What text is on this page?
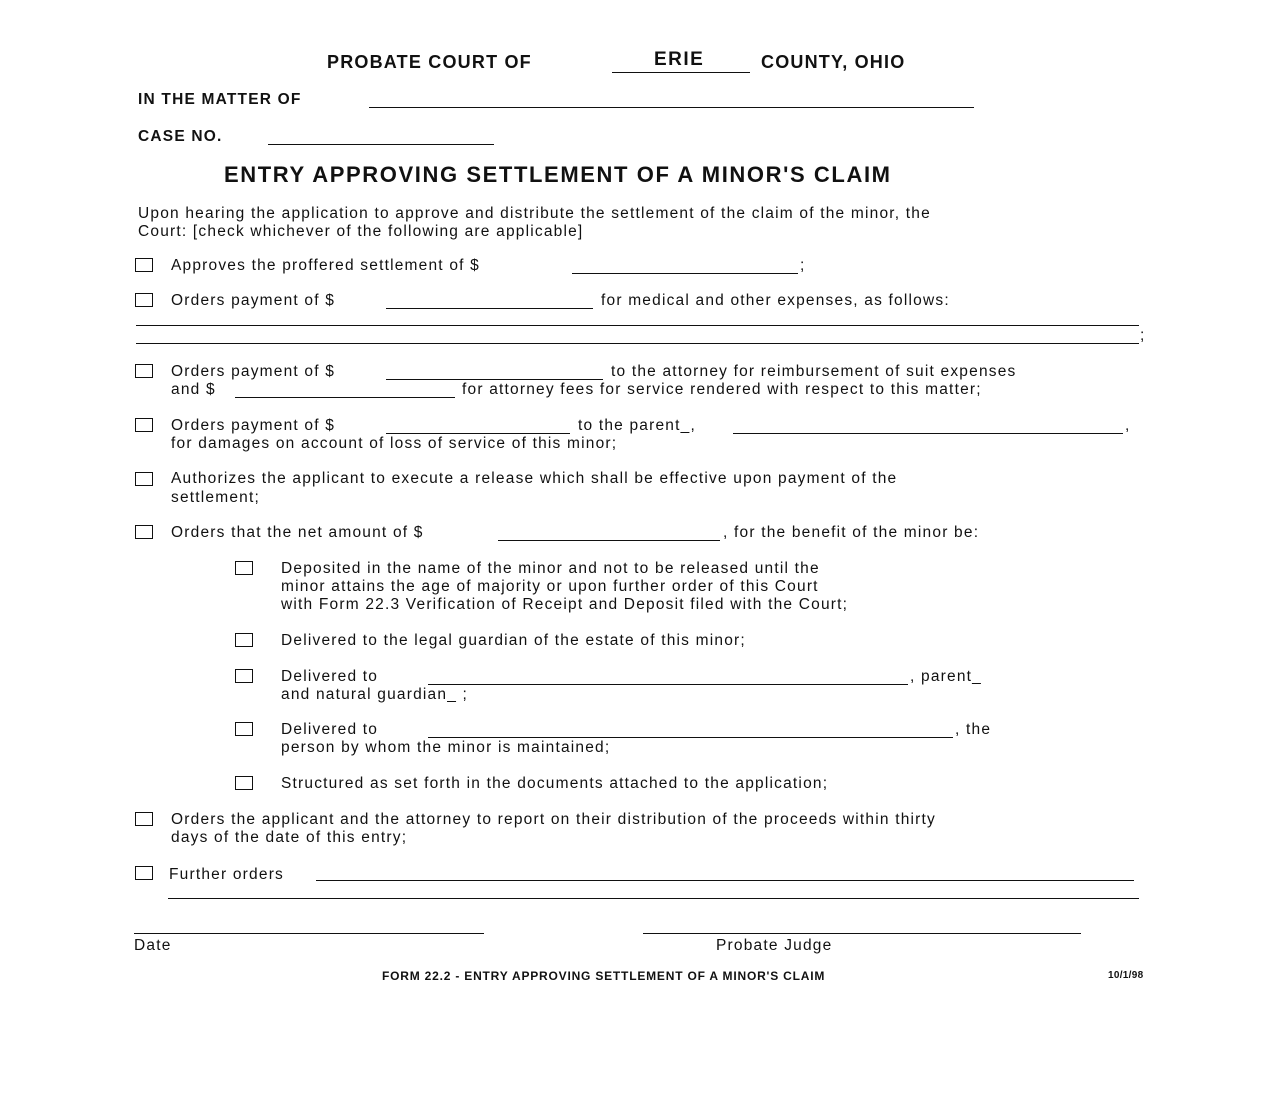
PROBATE COURT OF	ERIE	COUNTY, OHIO
IN THE MATTER OF
CASE NO.
ENTRY APPROVING SETTLEMENT OF A MINOR'S CLAIM
Upon hearing the application to approve and distribute the settlement of the claim of the minor, the
Court: [check whichever of the following are applicable]
Approves the proffered settlement of $	;
Orders payment of $	for medical and other expenses, as follows:
;
Orders payment of $	to the attorney for reimbursement of suit expenses
and $	for attorney fees for service rendered with respect to this matter;
Orders payment of $	to the parent_,	,
for damages on account of loss of service of this minor;
Authorizes the applicant to execute a release which shall be effective upon payment of the
settlement;
Orders that the net amount of $	, for the benefit of the minor be:
Deposited in the name of the minor and not to be released until the
minor attains the age of majority or upon further order of this Court
with Form 22.3 Verification of Receipt and Deposit filed with the Court;
Delivered to the legal guardian of the estate of this minor;
Delivered to	, parent_
and natural guardian_ ;
Delivered to	, the
person by whom the minor is maintained;
Structured as set forth in the documents attached to the application;
Orders the applicant and the attorney to report on their distribution of the proceeds within thirty
days of the date of this entry;
Further orders
Date	Probate Judge
FORM 22.2 - ENTRY APPROVING SETTLEMENT OF A MINOR'S CLAIM	10/1/98
